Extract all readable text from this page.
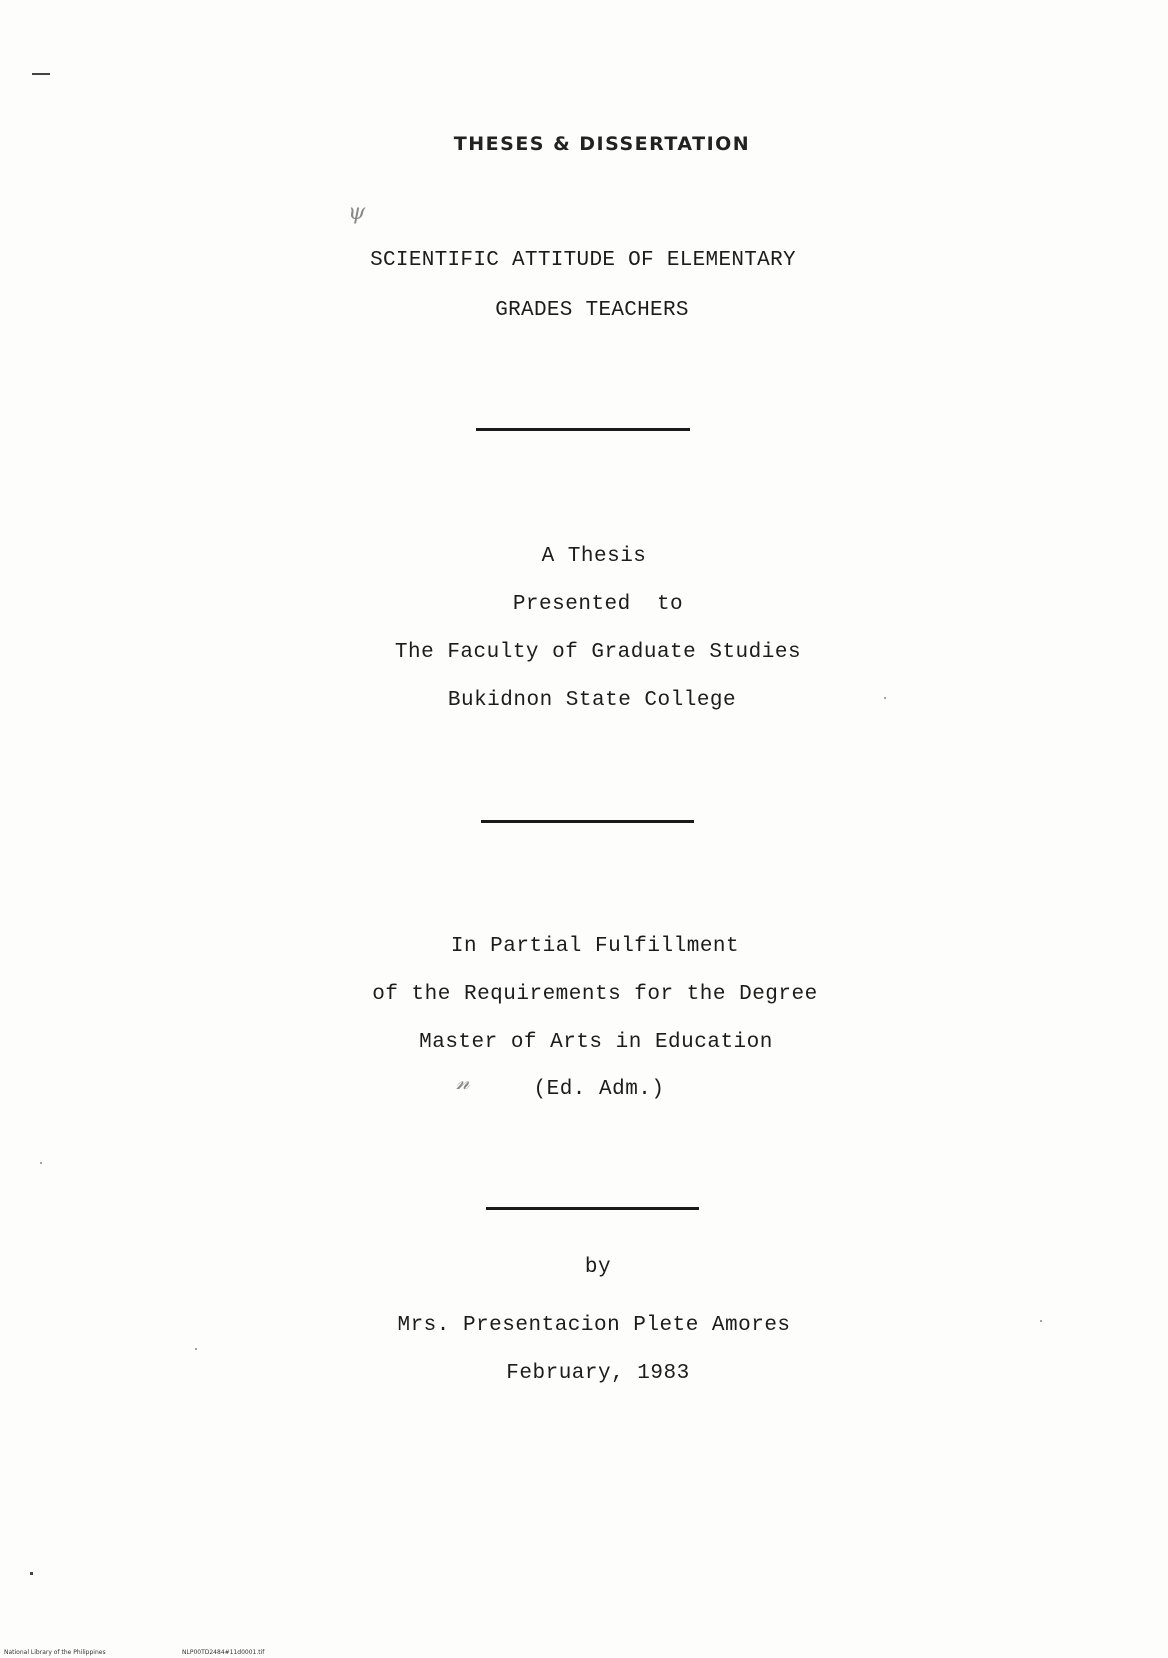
ψ
𝓃
THESES & DISSERTATION
SCIENTIFIC ATTITUDE OF ELEMENTARY
GRADES TEACHERS
A Thesis
Presented  to
The Faculty of Graduate Studies
Bukidnon State College
In Partial Fulfillment
of the Requirements for the Degree
Master of Arts in Education
(Ed. Adm.)
by
Mrs. Presentacion Plete Amores
February, 1983
National Library of the Philippines	NLP00TD2484#11d0001.tif
